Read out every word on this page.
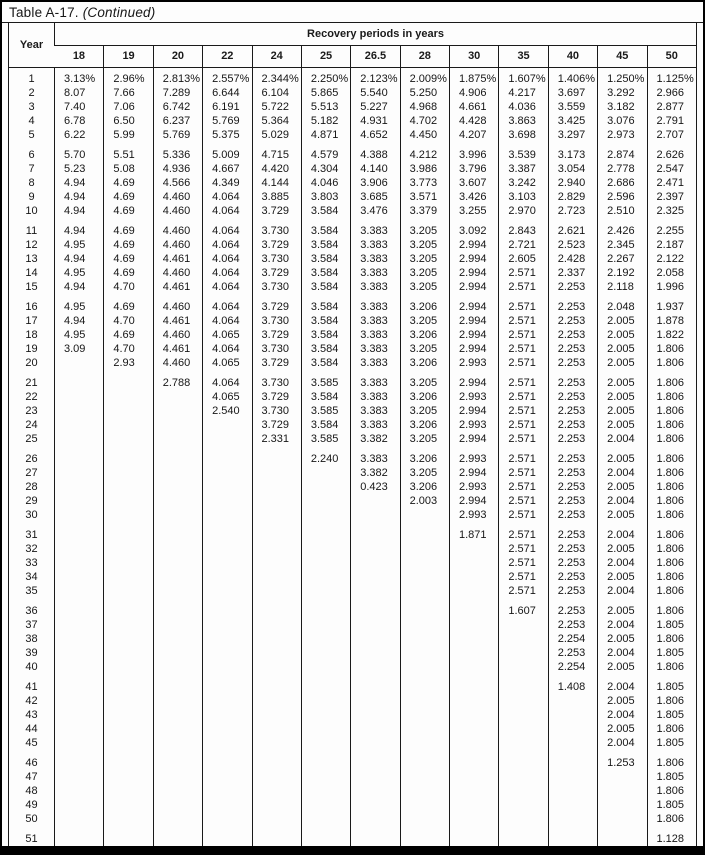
Table A-17. (Continued)
Year	Recovery periods in years												
	18	19	20	22	24	25	26.5	28	30	35	40	45	50
1	3.13%	2.96%	2.813%	2.557%	2.344%	2.250%	2.123%	2.009%	1.875%	1.607%	1.406%	1.250%	1.125%
2	8.07	7.66	7.289	6.644	6.104	5.865	5.540	5.250	4.906	4.217	3.697	3.292	2.966
3	7.40	7.06	6.742	6.191	5.722	5.513	5.227	4.968	4.661	4.036	3.559	3.182	2.877
4	6.78	6.50	6.237	5.769	5.364	5.182	4.931	4.702	4.428	3.863	3.425	3.076	2.791
5	6.22	5.99	5.769	5.375	5.029	4.871	4.652	4.450	4.207	3.698	3.297	2.973	2.707

6	5.70	5.51	5.336	5.009	4.715	4.579	4.388	4.212	3.996	3.539	3.173	2.874	2.626
7	5.23	5.08	4.936	4.667	4.420	4.304	4.140	3.986	3.796	3.387	3.054	2.778	2.547
8	4.94	4.69	4.566	4.349	4.144	4.046	3.906	3.773	3.607	3.242	2.940	2.686	2.471
9	4.94	4.69	4.460	4.064	3.885	3.803	3.685	3.571	3.426	3.103	2.829	2.596	2.397
10	4.94	4.69	4.460	4.064	3.729	3.584	3.476	3.379	3.255	2.970	2.723	2.510	2.325

11	4.94	4.69	4.460	4.064	3.730	3.584	3.383	3.205	3.092	2.843	2.621	2.426	2.255
12	4.95	4.69	4.460	4.064	3.729	3.584	3.383	3.205	2.994	2.721	2.523	2.345	2.187
13	4.94	4.69	4.461	4.064	3.730	3.584	3.383	3.205	2.994	2.605	2.428	2.267	2.122
14	4.95	4.69	4.460	4.064	3.729	3.584	3.383	3.205	2.994	2.571	2.337	2.192	2.058
15	4.94	4.70	4.461	4.064	3.730	3.584	3.383	3.205	2.994	2.571	2.253	2.118	1.996

16	4.95	4.69	4.460	4.064	3.729	3.584	3.383	3.206	2.994	2.571	2.253	2.048	1.937
17	4.94	4.70	4.461	4.064	3.730	3.584	3.383	3.205	2.994	2.571	2.253	2.005	1.878
18	4.95	4.69	4.460	4.065	3.729	3.584	3.383	3.206	2.994	2.571	2.253	2.005	1.822
19	3.09	4.70	4.461	4.064	3.730	3.584	3.383	3.205	2.994	2.571	2.253	2.005	1.806
20		2.93	4.460	4.065	3.729	3.584	3.383	3.206	2.993	2.571	2.253	2.005	1.806

21			2.788	4.064	3.730	3.585	3.383	3.205	2.994	2.571	2.253	2.005	1.806
22				4.065	3.729	3.584	3.383	3.206	2.993	2.571	2.253	2.005	1.806
23				2.540	3.730	3.585	3.383	3.205	2.994	2.571	2.253	2.005	1.806
24					3.729	3.584	3.383	3.206	2.993	2.571	2.253	2.005	1.806
25					2.331	3.585	3.382	3.205	2.994	2.571	2.253	2.004	1.806

26						2.240	3.383	3.206	2.993	2.571	2.253	2.005	1.806
27							3.382	3.205	2.994	2.571	2.253	2.004	1.806
28							0.423	3.206	2.993	2.571	2.253	2.005	1.806
29								2.003	2.994	2.571	2.253	2.004	1.806
30									2.993	2.571	2.253	2.005	1.806

31									1.871	2.571	2.253	2.004	1.806
32										2.571	2.253	2.005	1.806
33										2.571	2.253	2.004	1.806
34										2.571	2.253	2.005	1.806
35										2.571	2.253	2.004	1.806

36										1.607	2.253	2.005	1.806
37											2.253	2.004	1.805
38											2.254	2.005	1.806
39											2.253	2.004	1.805
40											2.254	2.005	1.806

41											1.408	2.004	1.805
42												2.005	1.806
43												2.004	1.805
44												2.005	1.806
45												2.004	1.805

46												1.253	1.806
47													1.805
48													1.806
49													1.805
50													1.806

51													1.128
